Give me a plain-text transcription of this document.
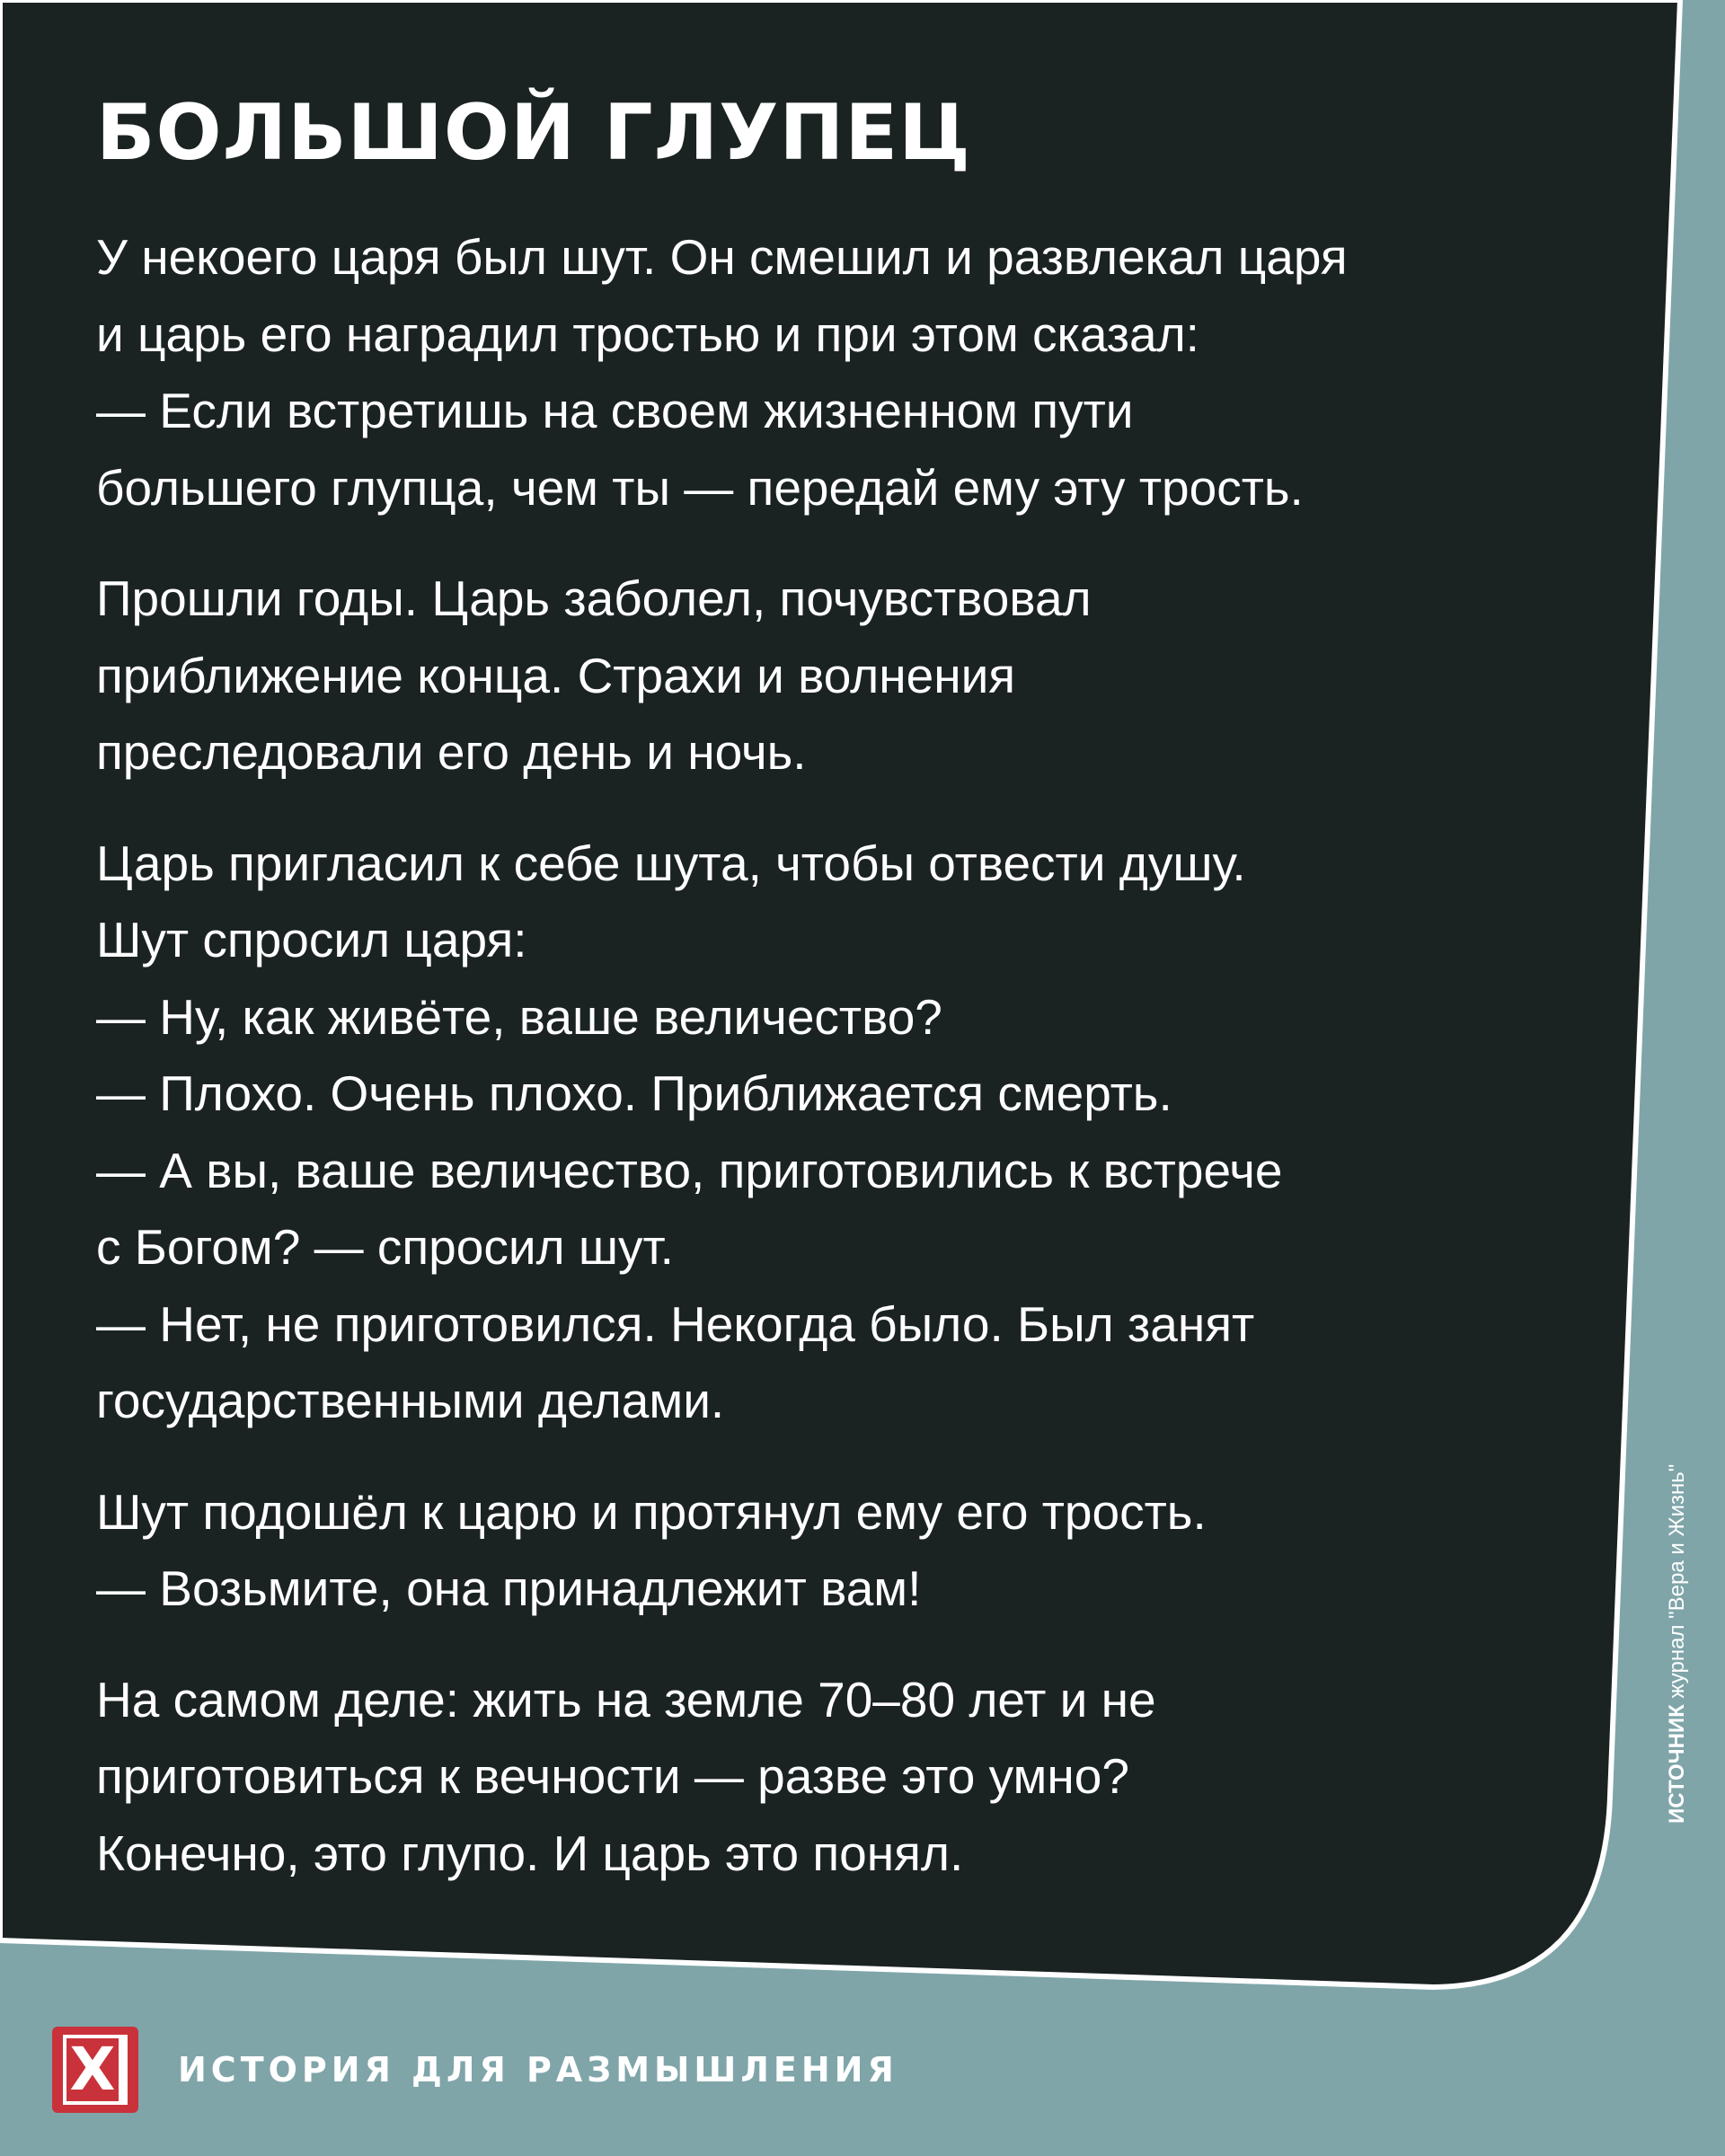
БОЛЬШОЙ ГЛУПЕЦ
У некоего царя был шут. Он смешил и развлекал царя
и царь его наградил тростью и при этом сказал:
— Если встретишь на своем жизненном пути
большего глупца, чем ты — передай ему эту трость.
Прошли годы. Царь заболел, почувствовал
приближение конца. Страхи и волнения
преследовали его день и ночь.
Царь пригласил к себе шута, чтобы отвести душу.
Шут спросил царя:
— Ну, как живёте, ваше величество?
— Плохо. Очень плохо. Приближается смерть.
— А вы, ваше величество, приготовились к встрече
с Богом? — спросил шут.
— Нет, не приготовился. Некогда было. Был занят
государственными делами.
Шут подошёл к царю и протянул ему его трость.
— Возьмите, она принадлежит вам!
На самом деле: жить на земле 70–80 лет и не
приготовиться к вечности — разве это умно?
Конечно, это глупо. И царь это понял.
ИСТОЧНИК журнал "Вера и Жизнь"
X	ИСТОРИЯ ДЛЯ РАЗМЫШЛЕНИЯ
